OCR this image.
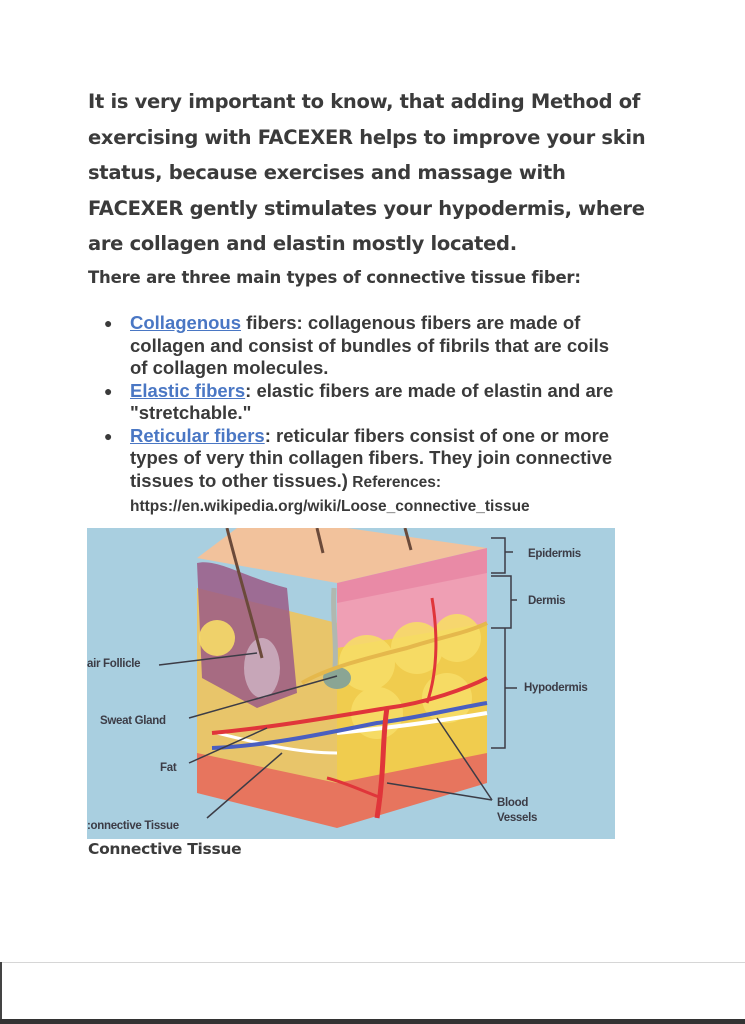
It is very important to know, that adding Method of exercising with FACEXER helps to improve your skin status, because exercises and massage with FACEXER gently stimulates your hypodermis, where are collagen and elastin mostly located.

There are three main types of connective tissue fiber:
● Collagenous fibers: collagenous fibers are made of collagen and consist of bundles of fibrils that are coils of collagen molecules.
● Elastic fibers: elastic fibers are made of elastin and are "stretchable."
● Reticular fibers: reticular fibers consist of one or more types of very thin collagen fibers. They join connective tissues to other tissues.) References: https://en.wikipedia.org/wiki/Loose_connective_tissue
Epidermis
Dermis
Hypodermis
air Follicle
Sweat Gland
Fat
:onnective Tissue
Blood
Vessels
Connective Tissue
